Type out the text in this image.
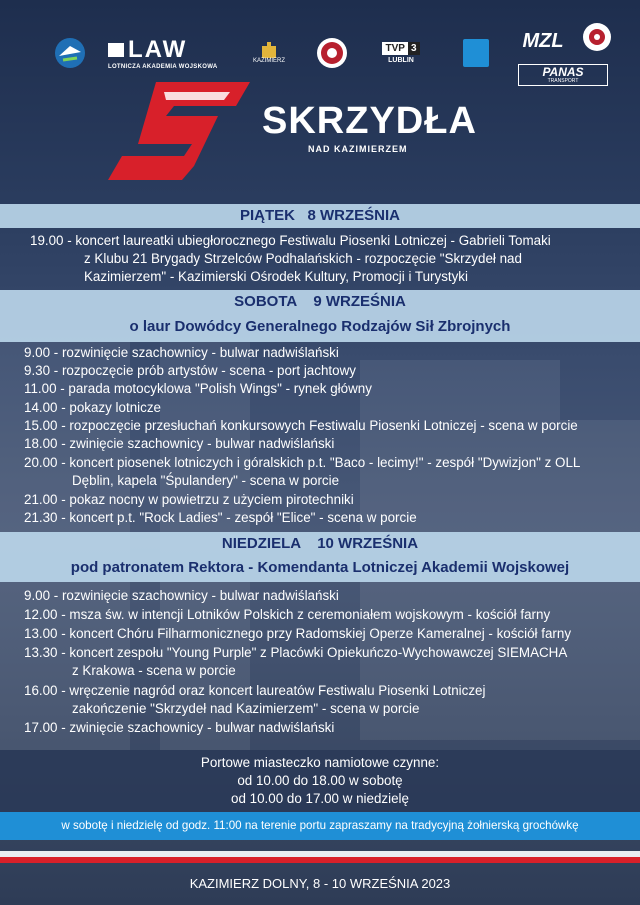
LAW
LOTNICZA AKADEMIA WOJSKOWA
KAZIMIERZ
TVP 3
LUBLIN
MZL
PANAS
TRANSPORT
SKRZYDŁA
NAD KAZIMIERZEM
PIĄTEK   8 WRZEŚNIA
19.00 - koncert laureatki ubiegłorocznego Festiwalu Piosenki Lotniczej - Gabrieli Tomaki
z Klubu 21 Brygady Strzelców Podhalańskich - rozpoczęcie "Skrzydeł nad
Kazimierzem" - Kazimierski Ośrodek Kultury, Promocji i Turystyki
SOBOTA    9 WRZEŚNIA
o laur Dowódcy Generalnego Rodzajów Sił Zbrojnych
9.00 - rozwinięcie szachownicy - bulwar nadwiślański
9.30 - rozpoczęcie prób artystów - scena - port jachtowy
11.00 - parada motocyklowa "Polish Wings" - rynek główny
14.00 - pokazy lotnicze
15.00 - rozpoczęcie przesłuchań konkursowych Festiwalu Piosenki Lotniczej - scena w porcie
18.00 - zwinięcie szachownicy - bulwar nadwiślański
20.00 - koncert piosenek lotniczych i góralskich p.t. "Baco - lecimy!" - zespół "Dywizjon" z OLL
Dęblin, kapela "Śpulandery" - scena w porcie
21.00 - pokaz nocny w powietrzu z użyciem pirotechniki
21.30 - koncert p.t. "Rock Ladies" - zespół "Elice" - scena w porcie
NIEDZIELA    10 WRZEŚNIA
pod patronatem Rektora - Komendanta Lotniczej Akademii Wojskowej
9.00 - rozwinięcie szachownicy - bulwar nadwiślański
12.00 - msza św. w intencji Lotników Polskich z ceremoniałem wojskowym - kościół farny
13.00 - koncert Chóru Filharmonicznego przy Radomskiej Operze Kameralnej - kościół farny
13.30 - koncert zespołu "Young Purple" z Placówki Opiekuńczo-Wychowawczej SIEMACHA
z Krakowa - scena w porcie
16.00 - wręczenie nagród oraz koncert laureatów Festiwalu Piosenki Lotniczej
zakończenie "Skrzydeł nad Kazimierzem" - scena w porcie
17.00 - zwinięcie szachownicy - bulwar nadwiślański
Portowe miasteczko namiotowe czynne:
od 10.00 do 18.00 w sobotę
od 10.00 do 17.00 w niedzielę
w sobotę i niedzielę od godz. 11:00 na terenie portu zapraszamy na tradycyjną żołnierską grochówkę
KAZIMIERZ DOLNY, 8 - 10 WRZEŚNIA 2023
